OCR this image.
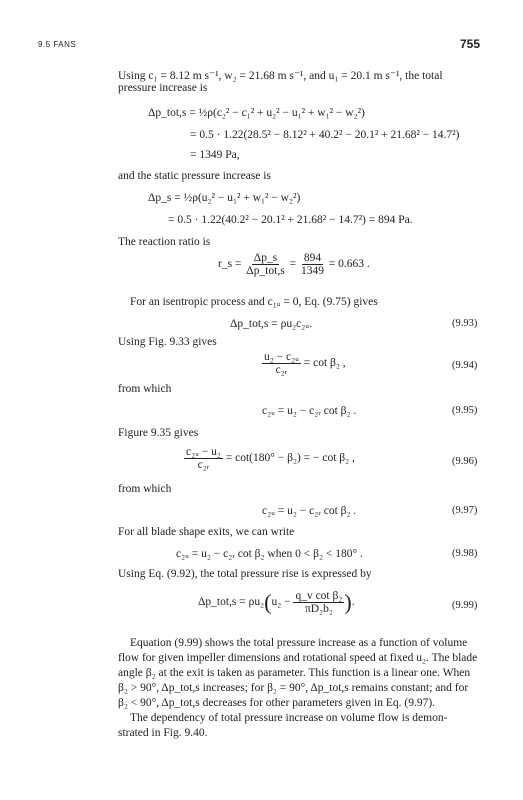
9.5 FANS	755
Using c₁ = 8.12 m s⁻¹, w₂ = 21.68 m s⁻¹, and u₁ = 20.1 m s⁻¹, the total
pressure increase is
Δp_tot,s = ½ρ(c₂² − c₁² + u₂² − u₁² + w₁² − w₂²)
= 0.5 · 1.22(28.5² − 8.12² + 40.2² − 20.1² + 21.68² − 14.7²)
= 1349 Pa,
and the static pressure increase is
Δp_s = ½ρ(u₂² − u₁² + w₁² − w₂²)
= 0.5 · 1.22(40.2² − 20.1² + 21.68² − 14.7²) = 894 Pa.
The reaction ratio is
r_s = $\frac{\Delta p\_s}{\text{Δp\_tot,s}} = \frac{894}{1349} = 0.663$ .
For an isentropic process and c₁ᵤ = 0, Eq. (9.75) gives
Δp_tot,s = ρu₂c₂ᵤ.	(9.93)
Using Fig. 9.33 gives
$\frac{\text{u₂ − c₂ᵤ}}{\text{c₂ᵣ}} = \cot \beta_2$ ,	(9.94)
from which
c₂ᵤ = u₂ − c₂ᵣ cot β₂ .	(9.95)
Figure 9.35 gives
$\frac{\text{c₂ᵤ − u₂}}{\text{c₂ᵣ}} = \cot(180^\circ - \beta_2)$ = − cot β₂ ,	(9.96)
from which
c₂ᵤ = u₂ − c₂ᵣ cot β₂ .	(9.97)
For all blade shape exits, we can write
c₂ᵤ = u₂ − c₂ᵣ cot β₂ when 0 < β₂ < 180° .	(9.98)
Using Eq. (9.92), the total pressure rise is expressed by
Δp_tot,s = $\rho u_2(u_2 - \frac{\text{q\_v cot β₂}}{\text{πD₂b₂}}$ ).	(9.99)
Equation (9.99) shows the total pressure increase as a function of volume
flow for given impeller dimensions and rotational speed at fixed u₂. The blade
angle β₂ at the exit is taken as parameter. This function is a linear one. When
β₂ > 90°, Δp_tot,s increases; for β₂ = 90°, Δp_tot,s remains constant; and for
β₂ < 90°, Δp_tot,s decreases for other parameters given in Eq. (9.97).
The dependency of total pressure increase on volume flow is demon-
strated in Fig. 9.40.
